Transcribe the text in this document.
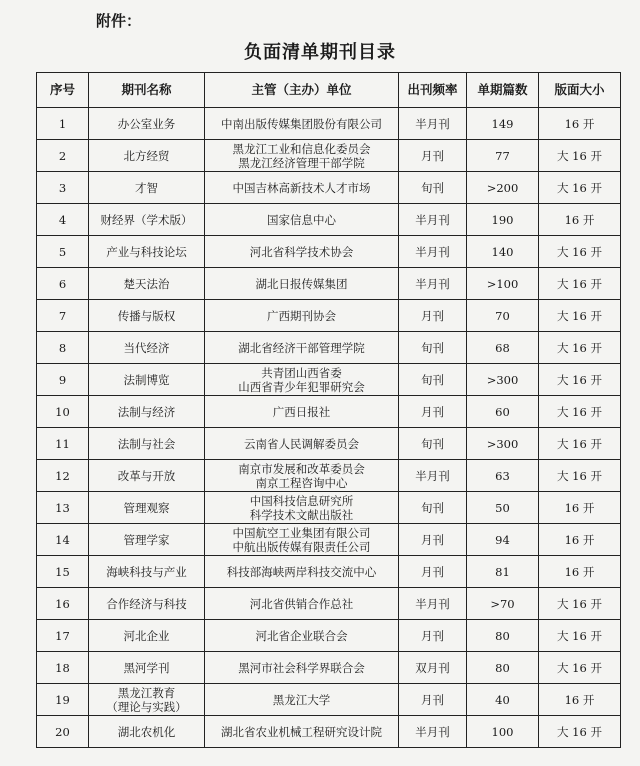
附件：
负面清单期刊目录
序号	期刊名称	主管（主办）单位	出刊频率	单期篇数	版面大小
1	办公室业务	中南出版传媒集团股份有限公司	半月刊	149	16 开
2	北方经贸	黑龙江工业和信息化委员会
黑龙江经济管理干部学院	月刊	77	大 16 开
3	才智	中国吉林高新技术人才市场	旬刊	>200	大 16 开
4	财经界（学术版）	国家信息中心	半月刊	190	16 开
5	产业与科技论坛	河北省科学技术协会	半月刊	140	大 16 开
6	楚天法治	湖北日报传媒集团	半月刊	>100	大 16 开
7	传播与版权	广西期刊协会	月刊	70	大 16 开
8	当代经济	湖北省经济干部管理学院	旬刊	68	大 16 开
9	法制博览	共青团山西省委
山西省青少年犯罪研究会	旬刊	>300	大 16 开
10	法制与经济	广西日报社	月刊	60	大 16 开
11	法制与社会	云南省人民调解委员会	旬刊	>300	大 16 开
12	改革与开放	南京市发展和改革委员会
南京工程咨询中心	半月刊	63	大 16 开
13	管理观察	中国科技信息研究所
科学技术文献出版社	旬刊	50	16 开
14	管理学家	中国航空工业集团有限公司
中航出版传媒有限责任公司	月刊	94	16 开
15	海峡科技与产业	科技部海峡两岸科技交流中心	月刊	81	16 开
16	合作经济与科技	河北省供销合作总社	半月刊	>70	大 16 开
17	河北企业	河北省企业联合会	月刊	80	大 16 开
18	黑河学刊	黑河市社会科学界联合会	双月刊	80	大 16 开
19	黑龙江教育
（理论与实践）	黑龙江大学	月刊	40	16 开
20	湖北农机化	湖北省农业机械工程研究设计院	半月刊	100	大 16 开
